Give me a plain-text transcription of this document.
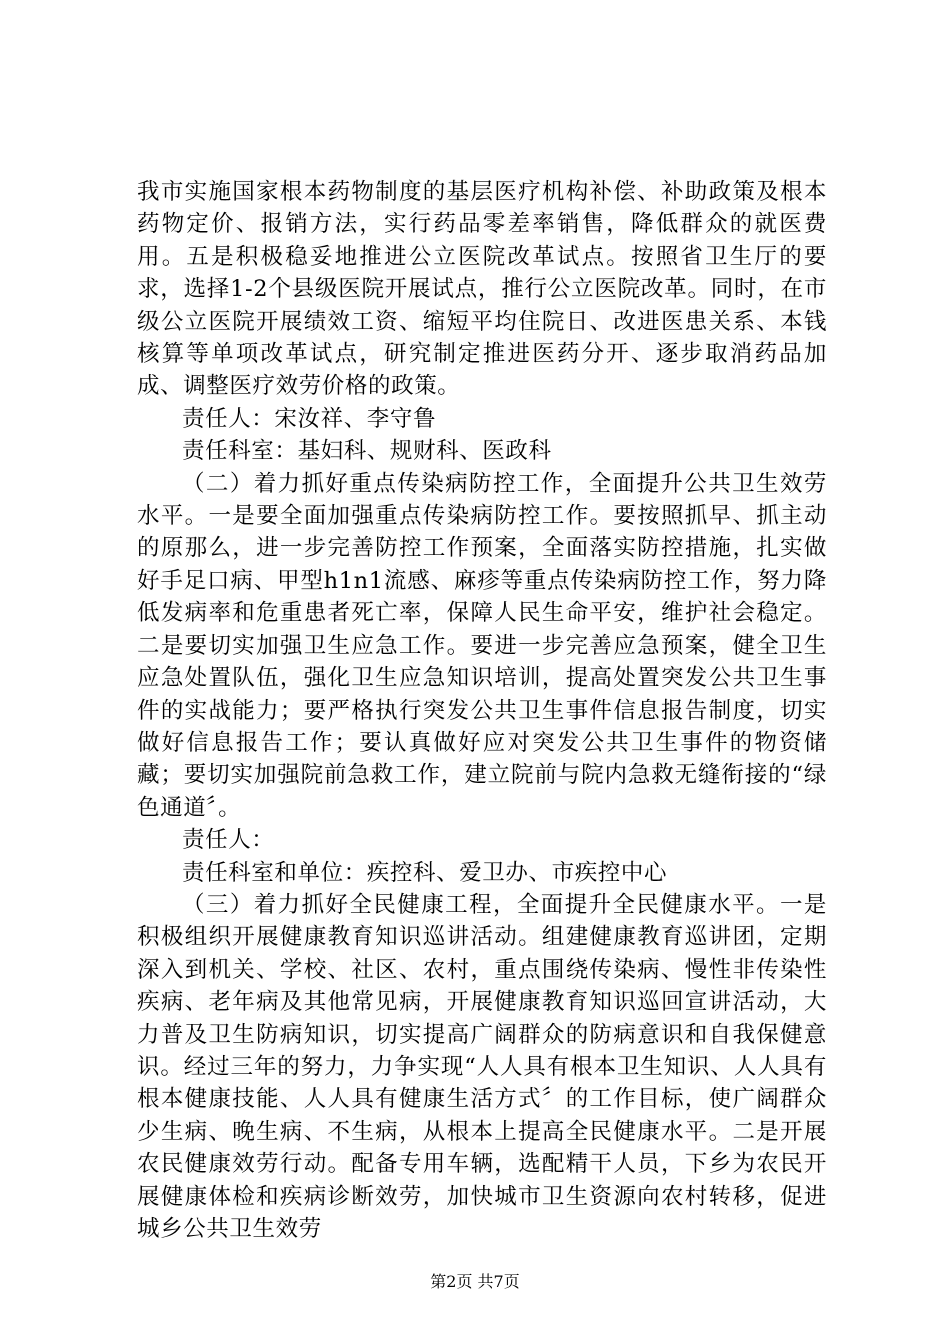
我市实施国家根本药物制度的基层医疗机构补偿、补助政策及根本药物定价、报销方法，实行药品零差率销售，降低群众的就医费用。五是积极稳妥地推进公立医院改革试点。按照省卫生厅的要求，选择1-2个县级医院开展试点，推行公立医院改革。同时，在市级公立医院开展绩效工资、缩短平均住院日、改进医患关系、本钱核算等单项改革试点，研究制定推进医药分开、逐步取消药品加成、调整医疗效劳价格的政策。

责任人：宋汝祥、李守鲁

责任科室：基妇科、规财科、医政科

（二）着力抓好重点传染病防控工作，全面提升公共卫生效劳水平。一是要全面加强重点传染病防控工作。要按照抓早、抓主动的原那么，进一步完善防控工作预案，全面落实防控措施，扎实做好手足口病、甲型h1n1流感、麻疹等重点传染病防控工作，努力降低发病率和危重患者死亡率，保障人民生命平安，维护社会稳定。二是要切实加强卫生应急工作。要进一步完善应急预案，健全卫生应急处置队伍，强化卫生应急知识培训，提高处置突发公共卫生事件的实战能力；要严格执行突发公共卫生事件信息报告制度，切实做好信息报告工作；要认真做好应对突发公共卫生事件的物资储藏；要切实加强院前急救工作，建立院前与院内急救无缝衔接的“绿色通道〞。

责任人：

责任科室和单位：疾控科、爱卫办、市疾控中心

（三）着力抓好全民健康工程，全面提升全民健康水平。一是积极组织开展健康教育知识巡讲活动。组建健康教育巡讲团，定期深入到机关、学校、社区、农村，重点围绕传染病、慢性非传染性疾病、老年病及其他常见病，开展健康教育知识巡回宣讲活动，大力普及卫生防病知识，切实提高广阔群众的防病意识和自我保健意识。经过三年的努力，力争实现“人人具有根本卫生知识、人人具有根本健康技能、人人具有健康生活方式〞的工作目标，使广阔群众少生病、晚生病、不生病，从根本上提高全民健康水平。二是开展农民健康效劳行动。配备专用车辆，选配精干人员，下乡为农民开展健康体检和疾病诊断效劳，加快城市卫生资源向农村转移，促进城乡公共卫生效劳

第2页 共7页
